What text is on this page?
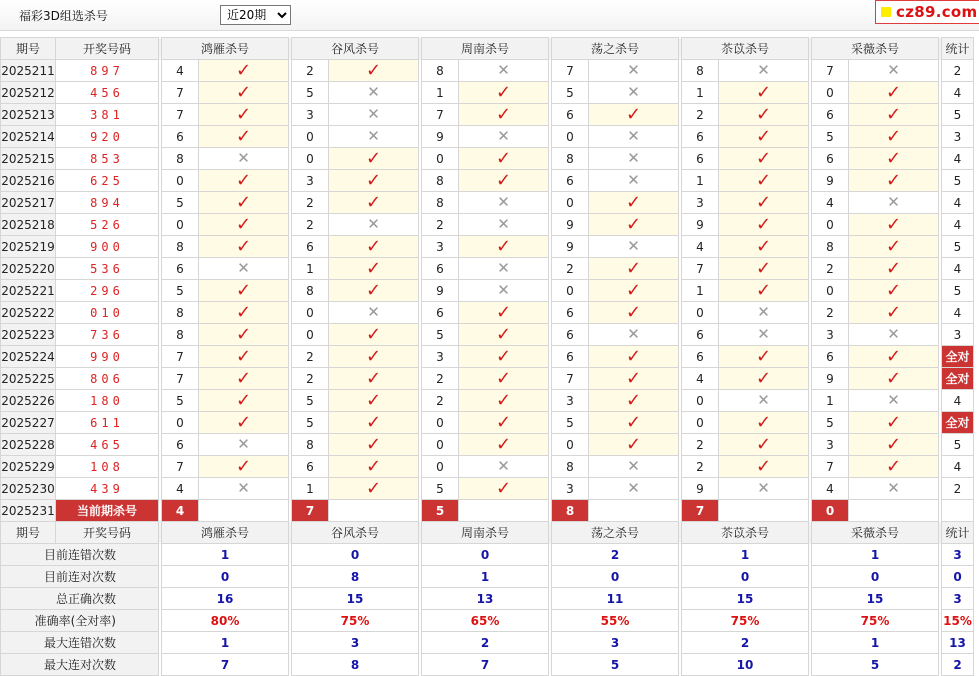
福彩3D组选杀号
近20期	cz89.com
期号	开奖号码		鸿雁杀号			谷风杀号			周南杀号			荡之杀号			苶苡杀号			采薇杀号			统计
2025211	897		4	✓		2	✓		8	✕		7	✕		8	✕		7	✕		2
2025212	456		7	✓		5	✕		1	✓		5	✕		1	✓		0	✓		4
2025213	381		7	✓		3	✕		7	✓		6	✓		2	✓		6	✓		5
2025214	920		6	✓		0	✕		9	✕		0	✕		6	✓		5	✓		3
2025215	853		8	✕		0	✓		0	✓		8	✕		6	✓		6	✓		4
2025216	625		0	✓		3	✓		8	✓		6	✕		1	✓		9	✓		5
2025217	894		5	✓		2	✓		8	✕		0	✓		3	✓		4	✕		4
2025218	526		0	✓		2	✕		2	✕		9	✓		9	✓		0	✓		4
2025219	900		8	✓		6	✓		3	✓		9	✕		4	✓		8	✓		5
2025220	536		6	✕		1	✓		6	✕		2	✓		7	✓		2	✓		4
2025221	296		5	✓		8	✓		9	✕		0	✓		1	✓		0	✓		5
2025222	010		8	✓		0	✕		6	✓		6	✓		0	✕		2	✓		4
2025223	736		8	✓		0	✓		5	✓		6	✕		6	✕		3	✕		3
2025224	990		7	✓		2	✓		3	✓		6	✓		6	✓		6	✓		全对
2025225	806		7	✓		2	✓		2	✓		7	✓		4	✓		9	✓		全对
2025226	180		5	✓		5	✓		2	✓		3	✓		0	✕		1	✕		4
2025227	611		0	✓		5	✓		0	✓		5	✓		0	✓		5	✓		全对
2025228	465		6	✕		8	✓		0	✓		0	✓		2	✓		3	✓		5
2025229	108		7	✓		6	✓		0	✕		8	✕		2	✓		7	✓		4
2025230	439		4	✕		1	✓		5	✓		3	✕		9	✕		4	✕		2
2025231	当前期杀号		4			7			5			8			7			0			
期号	开奖号码		鸿雁杀号			谷风杀号			周南杀号			荡之杀号			苶苡杀号			采薇杀号			统计
目前连错次数			1			0			0			2			1			1			3
目前连对次数			0			8			1			0			0			0			0
总正确次数			16			15			13			11			15			15			3
准确率(全对率)			80%			75%			65%			55%			75%			75%			15%
最大连错次数			1			3			2			3			2			1			13
最大连对次数			7			8			7			5			10			5			2
